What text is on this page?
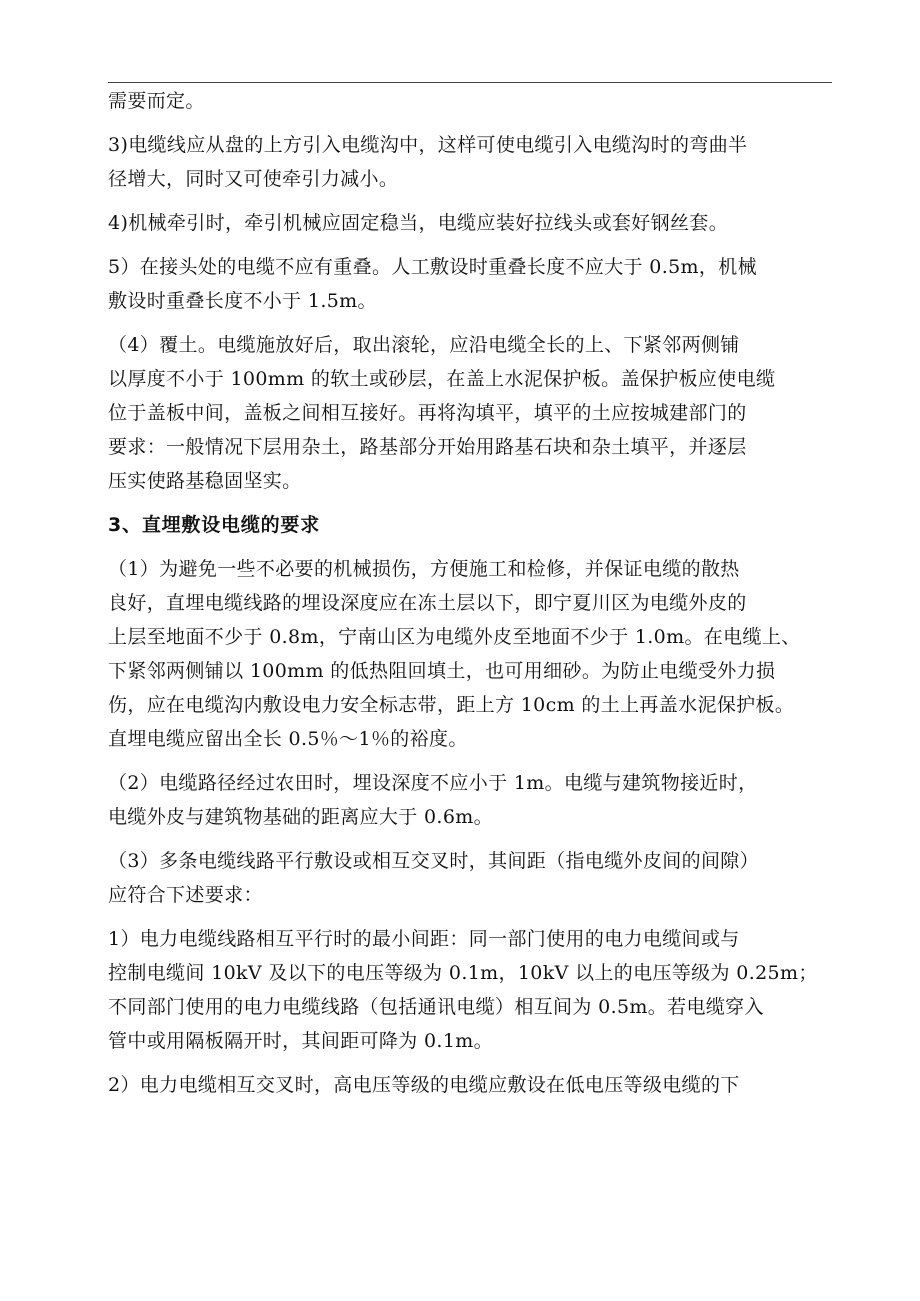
需要而定。
3)电缆线应从盘的上方引入电缆沟中，这样可使电缆引入电缆沟时的弯曲半
径增大，同时又可使牵引力减小。
4)机械牵引时，牵引机械应固定稳当，电缆应装好拉线头或套好钢丝套。
5）在接头处的电缆不应有重叠。人工敷设时重叠长度不应大于 0.5m，机械
敷设时重叠长度不小于 1.5m。
（4）覆土。电缆施放好后，取出滚轮，应沿电缆全长的上、下紧邻两侧铺
以厚度不小于 100mm 的软土或砂层，在盖上水泥保护板。盖保护板应使电缆
位于盖板中间，盖板之间相互接好。再将沟填平，填平的土应按城建部门的
要求：一般情况下层用杂土，路基部分开始用路基石块和杂土填平，并逐层
压实使路基稳固坚实。
3、直埋敷设电缆的要求
（1）为避免一些不必要的机械损伤，方便施工和检修，并保证电缆的散热
良好，直埋电缆线路的埋设深度应在冻土层以下，即宁夏川区为电缆外皮的
上层至地面不少于 0.8m，宁南山区为电缆外皮至地面不少于 1.0m。在电缆上、
下紧邻两侧铺以 100mm 的低热阻回填土，也可用细砂。为防止电缆受外力损
伤，应在电缆沟内敷设电力安全标志带，距上方 10cm 的土上再盖水泥保护板。
直埋电缆应留出全长 0.5％～1％的裕度。
（2）电缆路径经过农田时，埋设深度不应小于 1m。电缆与建筑物接近时，
电缆外皮与建筑物基础的距离应大于 0.6m。
（3）多条电缆线路平行敷设或相互交叉时，其间距（指电缆外皮间的间隙）
应符合下述要求：
1）电力电缆线路相互平行时的最小间距：同一部门使用的电力电缆间或与
控制电缆间 10kV 及以下的电压等级为 0.1m，10kV 以上的电压等级为 0.25m；
不同部门使用的电力电缆线路（包括通讯电缆）相互间为 0.5m。若电缆穿入
管中或用隔板隔开时，其间距可降为 0.1m。
2）电力电缆相互交叉时，高电压等级的电缆应敷设在低电压等级电缆的下
